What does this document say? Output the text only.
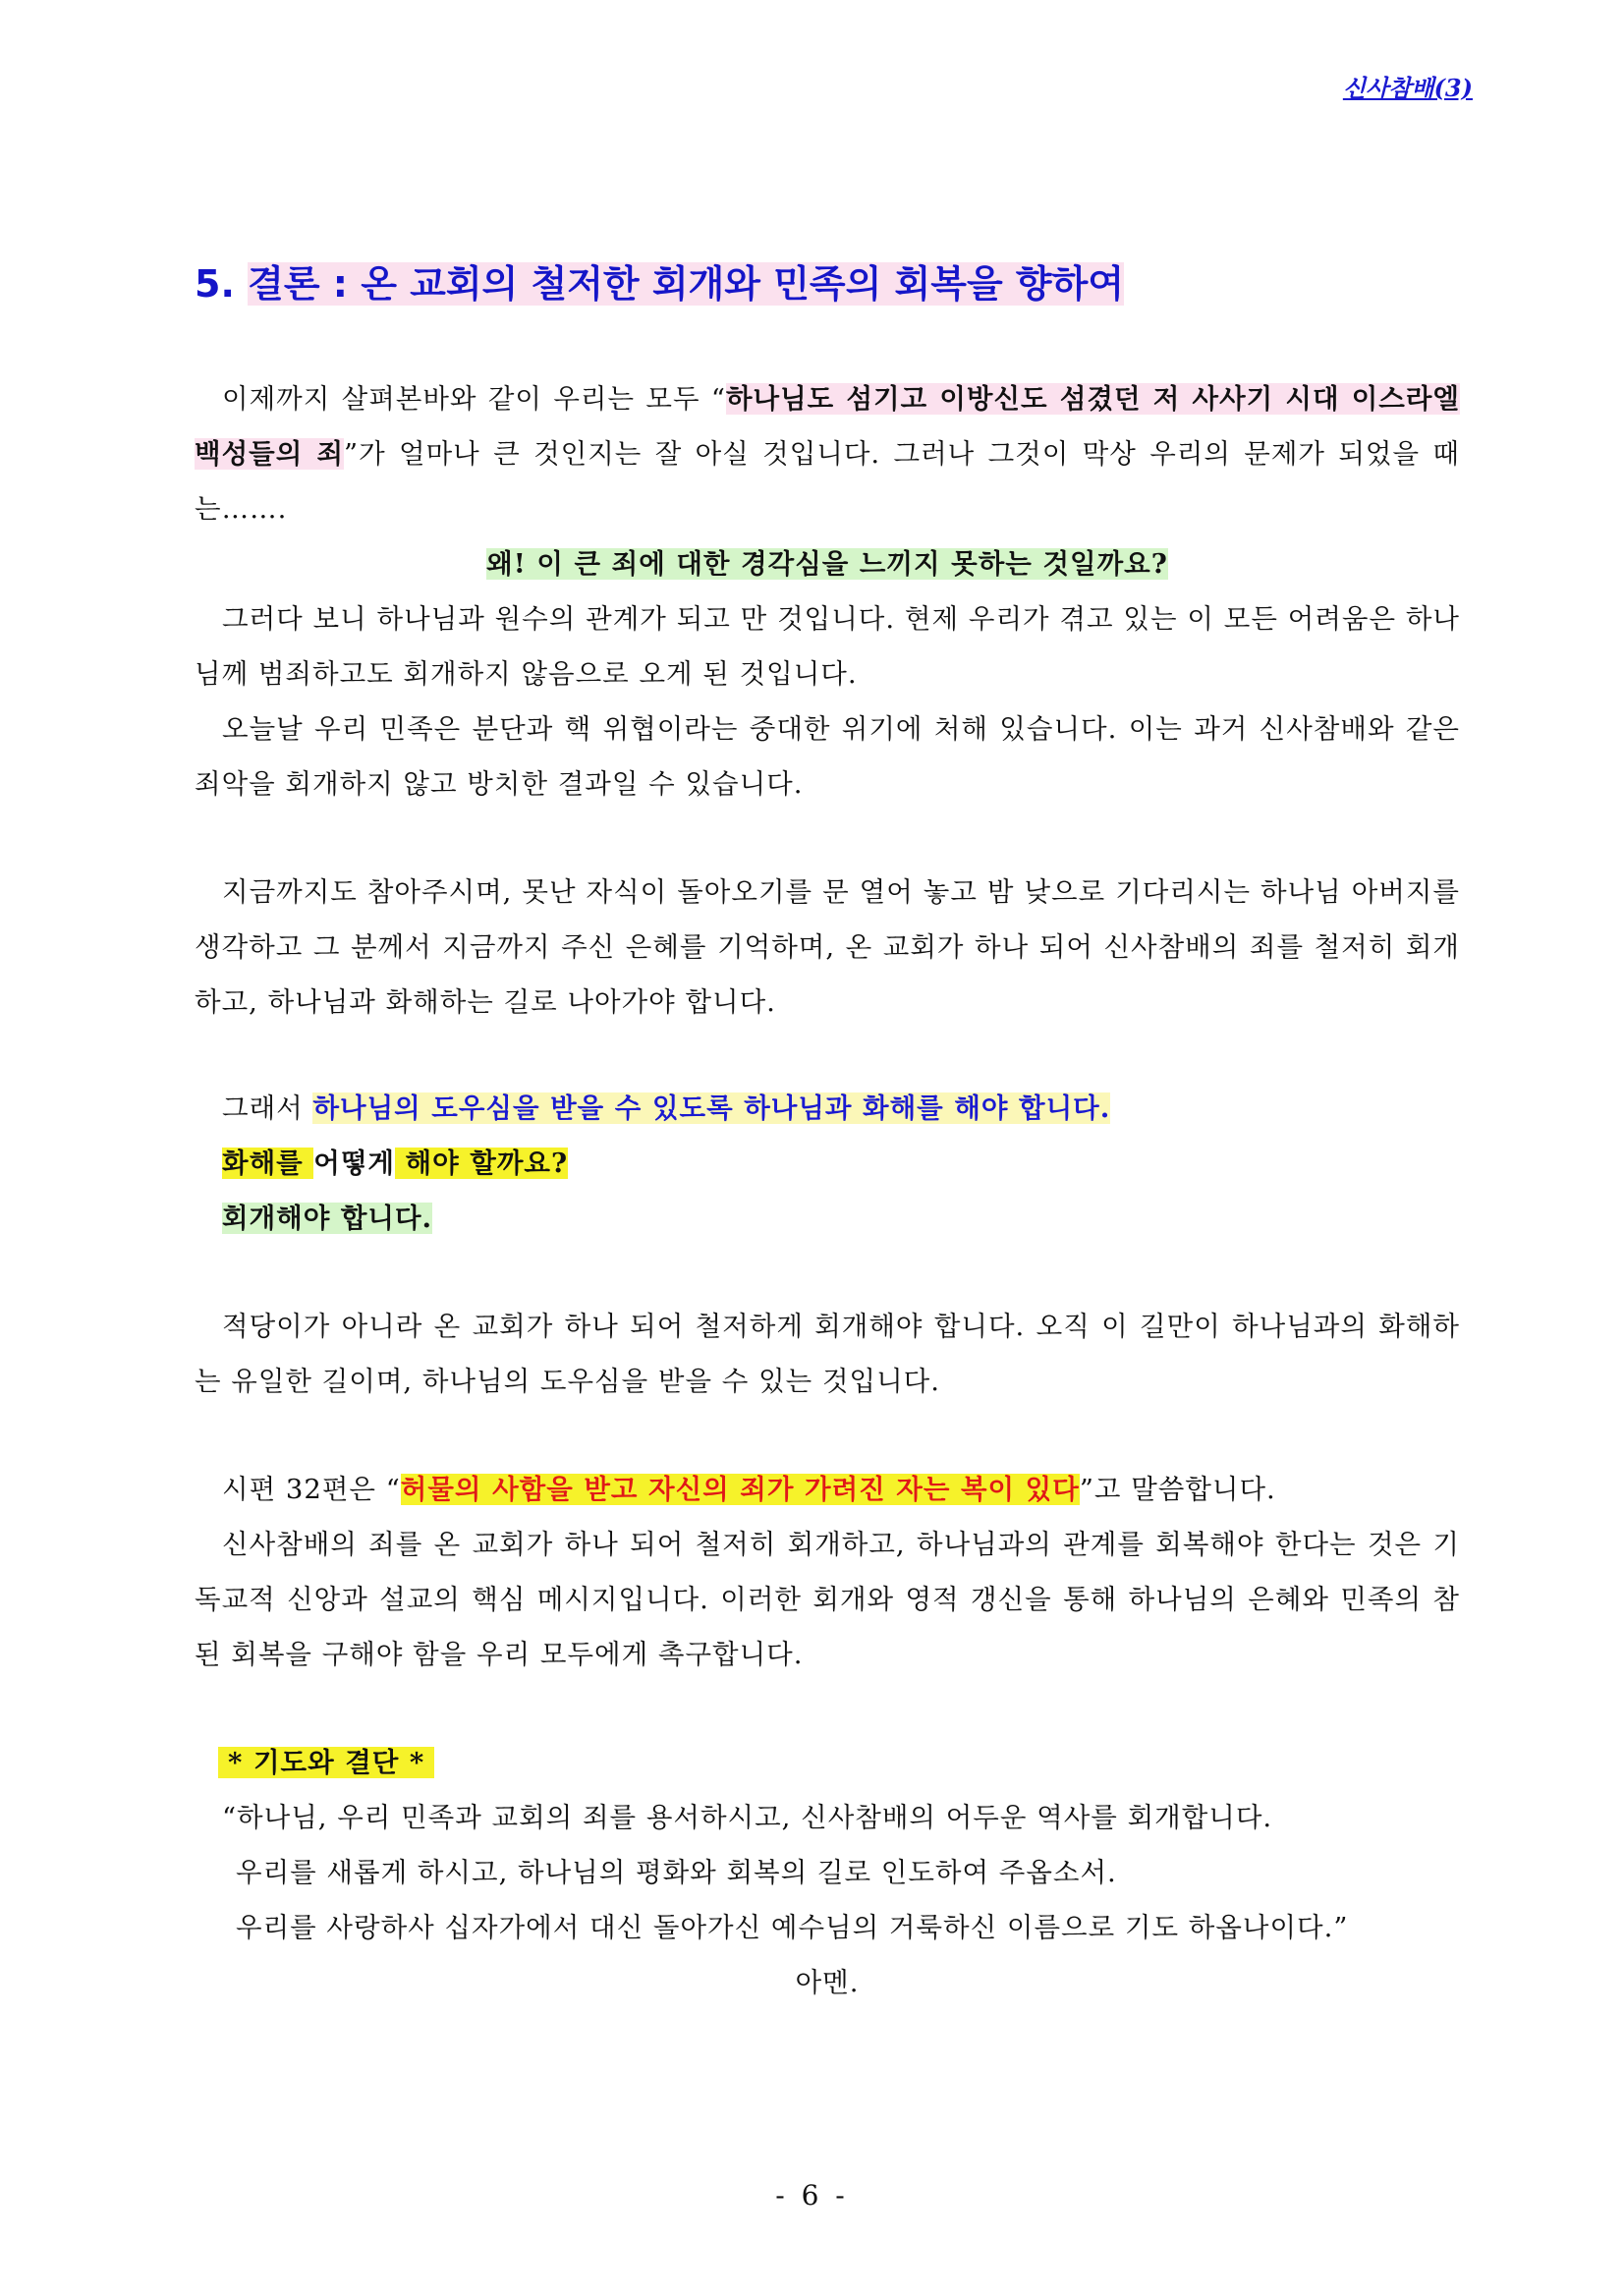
신사참배(3)
5. 결론 : 온 교회의 철저한 회개와 민족의 회복을 향하여
이제까지 살펴본바와 같이 우리는 모두 “하나님도 섬기고 이방신도 섬겼던 저 사사기 시대 이스라엘 백성들의 죄”가 얼마나 큰 것인지는 잘 아실 것입니다. 그러나 그것이 막상 우리의 문제가 되었을 때는…….
왜! 이 큰 죄에 대한 경각심을 느끼지 못하는 것일까요?
그러다 보니 하나님과 원수의 관계가 되고 만 것입니다. 현제 우리가 겪고 있는 이 모든 어려움은 하나님께 범죄하고도 회개하지 않음으로 오게 된 것입니다.
오늘날 우리 민족은 분단과 핵 위협이라는 중대한 위기에 처해 있습니다. 이는 과거 신사참배와 같은 죄악을 회개하지 않고 방치한 결과일 수 있습니다.
지금까지도 참아주시며, 못난 자식이 돌아오기를 문 열어 놓고 밤 낮으로 기다리시는 하나님 아버지를 생각하고 그 분께서 지금까지 주신 은혜를 기억하며, 온 교회가 하나 되어 신사참배의 죄를 철저히 회개하고, 하나님과 화해하는 길로 나아가야 합니다.
그래서 하나님의 도우심을 받을 수 있도록 하나님과 화해를 해야 합니다.
화해를 어떻게 해야 할까요?
회개해야 합니다.
적당이가 아니라 온 교회가 하나 되어 철저하게 회개해야 합니다. 오직 이 길만이 하나님과의 화해하는 유일한 길이며, 하나님의 도우심을 받을 수 있는 것입니다.
시편 32편은 “허물의 사함을 받고 자신의 죄가 가려진 자는 복이 있다”고 말씀합니다.
신사참배의 죄를 온 교회가 하나 되어 철저히 회개하고, 하나님과의 관계를 회복해야 한다는 것은 기독교적 신앙과 설교의 핵심 메시지입니다. 이러한 회개와 영적 갱신을 통해 하나님의 은혜와 민족의 참된 회복을 구해야 함을 우리 모두에게 촉구합니다.
* 기도와 결단 *
“하나님, 우리 민족과 교회의 죄를 용서하시고, 신사참배의 어두운 역사를 회개합니다.
우리를 새롭게 하시고, 하나님의 평화와 회복의 길로 인도하여 주옵소서.
우리를 사랑하사 십자가에서 대신 돌아가신 예수님의 거룩하신 이름으로 기도 하옵나이다.”
아멘.
- 6 -
